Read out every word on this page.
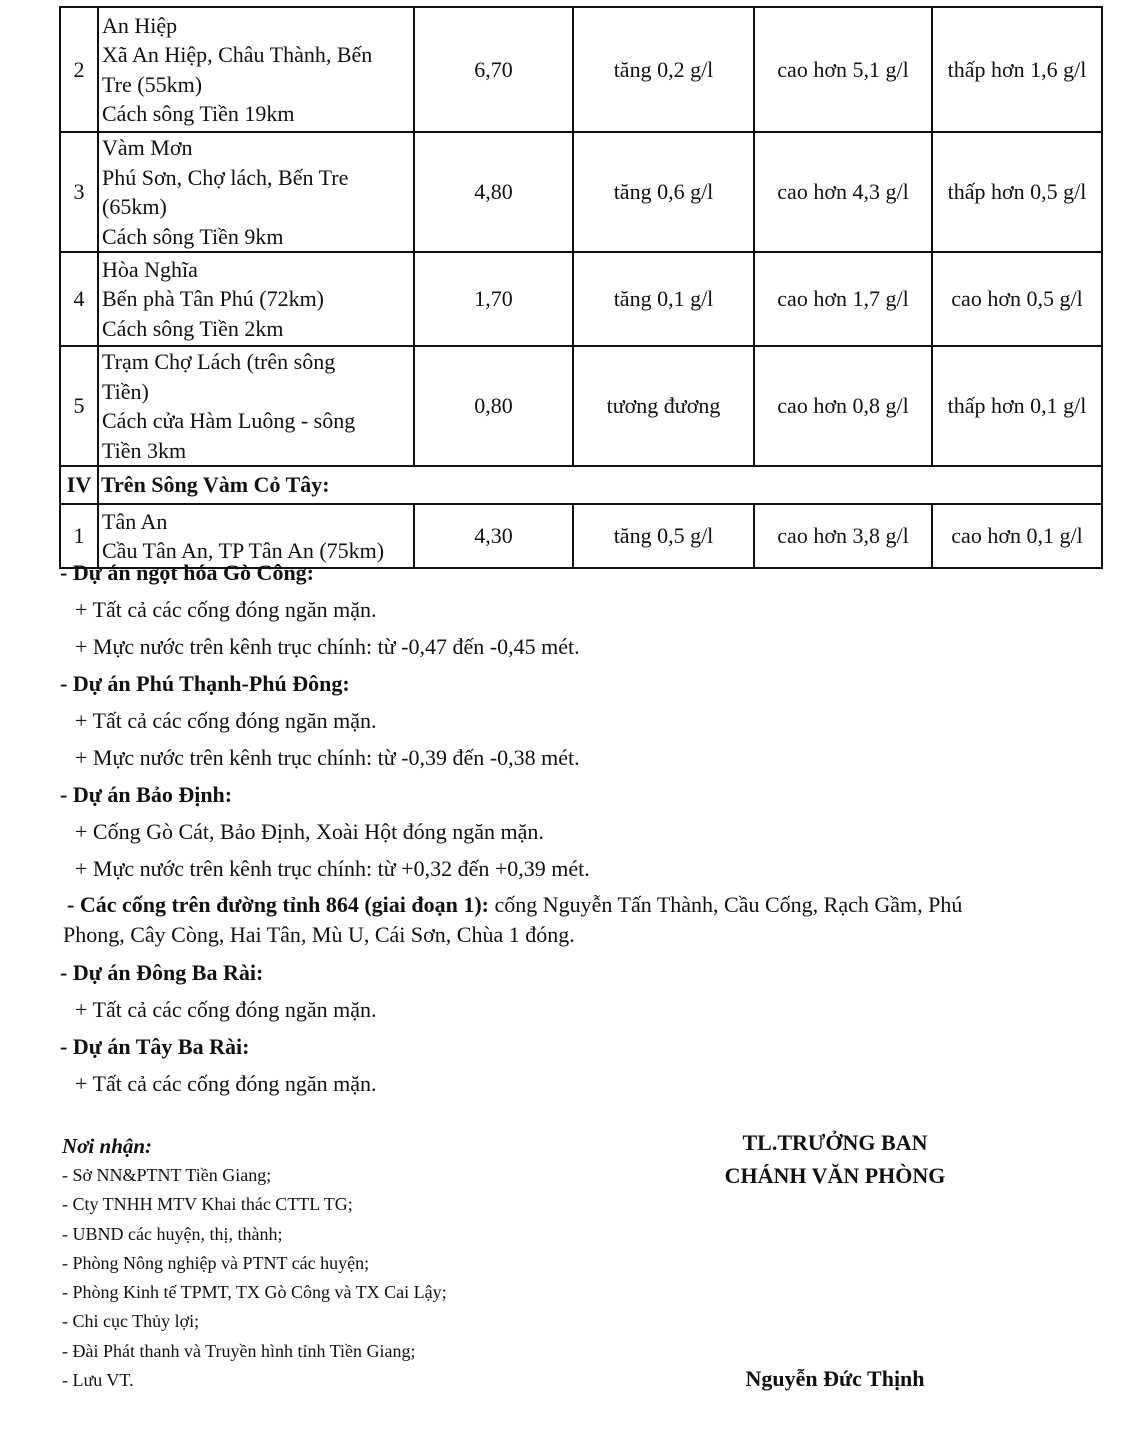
2	An Hiệp
Xã An Hiệp, Châu Thành, Bến
Tre (55km)
Cách sông Tiền 19km	6,70	tăng 0,2 g/l	cao hơn 5,1 g/l	thấp hơn 1,6 g/l
3	Vàm Mơn
Phú Sơn, Chợ lách, Bến Tre
(65km)
Cách sông Tiền 9km	4,80	tăng 0,6 g/l	cao hơn 4,3 g/l	thấp hơn 0,5 g/l
4	Hòa Nghĩa
Bến phà Tân Phú (72km)
Cách sông Tiền 2km	1,70	tăng 0,1 g/l	cao hơn 1,7 g/l	cao hơn 0,5 g/l
5	Trạm Chợ Lách (trên sông
Tiền)
Cách cửa Hàm Luông - sông
Tiền 3km	0,80	tương đương	cao hơn 0,8 g/l	thấp hơn 0,1 g/l
IV	Trên Sông Vàm Cỏ Tây:				
1	Tân An
Cầu Tân An, TP Tân An (75km)	4,30	tăng 0,5 g/l	cao hơn 3,8 g/l	cao hơn 0,1 g/l

- Dự án ngọt hóa Gò Công:

+ Tất cả các cống đóng ngăn mặn.

+ Mực nước trên kênh trục chính: từ -0,47 đến -0,45 mét.

- Dự án Phú Thạnh-Phú Đông:

+ Tất cả các cống đóng ngăn mặn.

+ Mực nước trên kênh trục chính: từ -0,39 đến -0,38 mét.

- Dự án Bảo Định:

+ Cống Gò Cát, Bảo Định, Xoài Hột đóng ngăn mặn.

+ Mực nước trên kênh trục chính: từ +0,32 đến +0,39 mét.

- Các cống trên đường tỉnh 864 (giai đoạn 1): cống Nguyễn Tấn Thành, Cầu Cống, Rạch Gầm, Phú
Phong, Cây Còng, Hai Tân, Mù U, Cái Sơn, Chùa 1 đóng.

- Dự án Đông Ba Rài:

+ Tất cả các cống đóng ngăn mặn.

- Dự án Tây Ba Rài:

+ Tất cả các cống đóng ngăn mặn.

Nơi nhận:
- Sở NN&PTNT Tiền Giang;
- Cty TNHH MTV Khai thác CTTL TG;
- UBND các huyện, thị, thành;
- Phòng Nông nghiệp và PTNT các huyện;
- Phòng Kinh tế TPMT, TX Gò Công và TX Cai Lậy;
- Chi cục Thủy lợi;
- Đài Phát thanh và Truyền hình tỉnh Tiền Giang;
- Lưu VT.
TL.TRƯỞNG BAN
CHÁNH VĂN PHÒNG
Nguyễn Đức Thịnh
